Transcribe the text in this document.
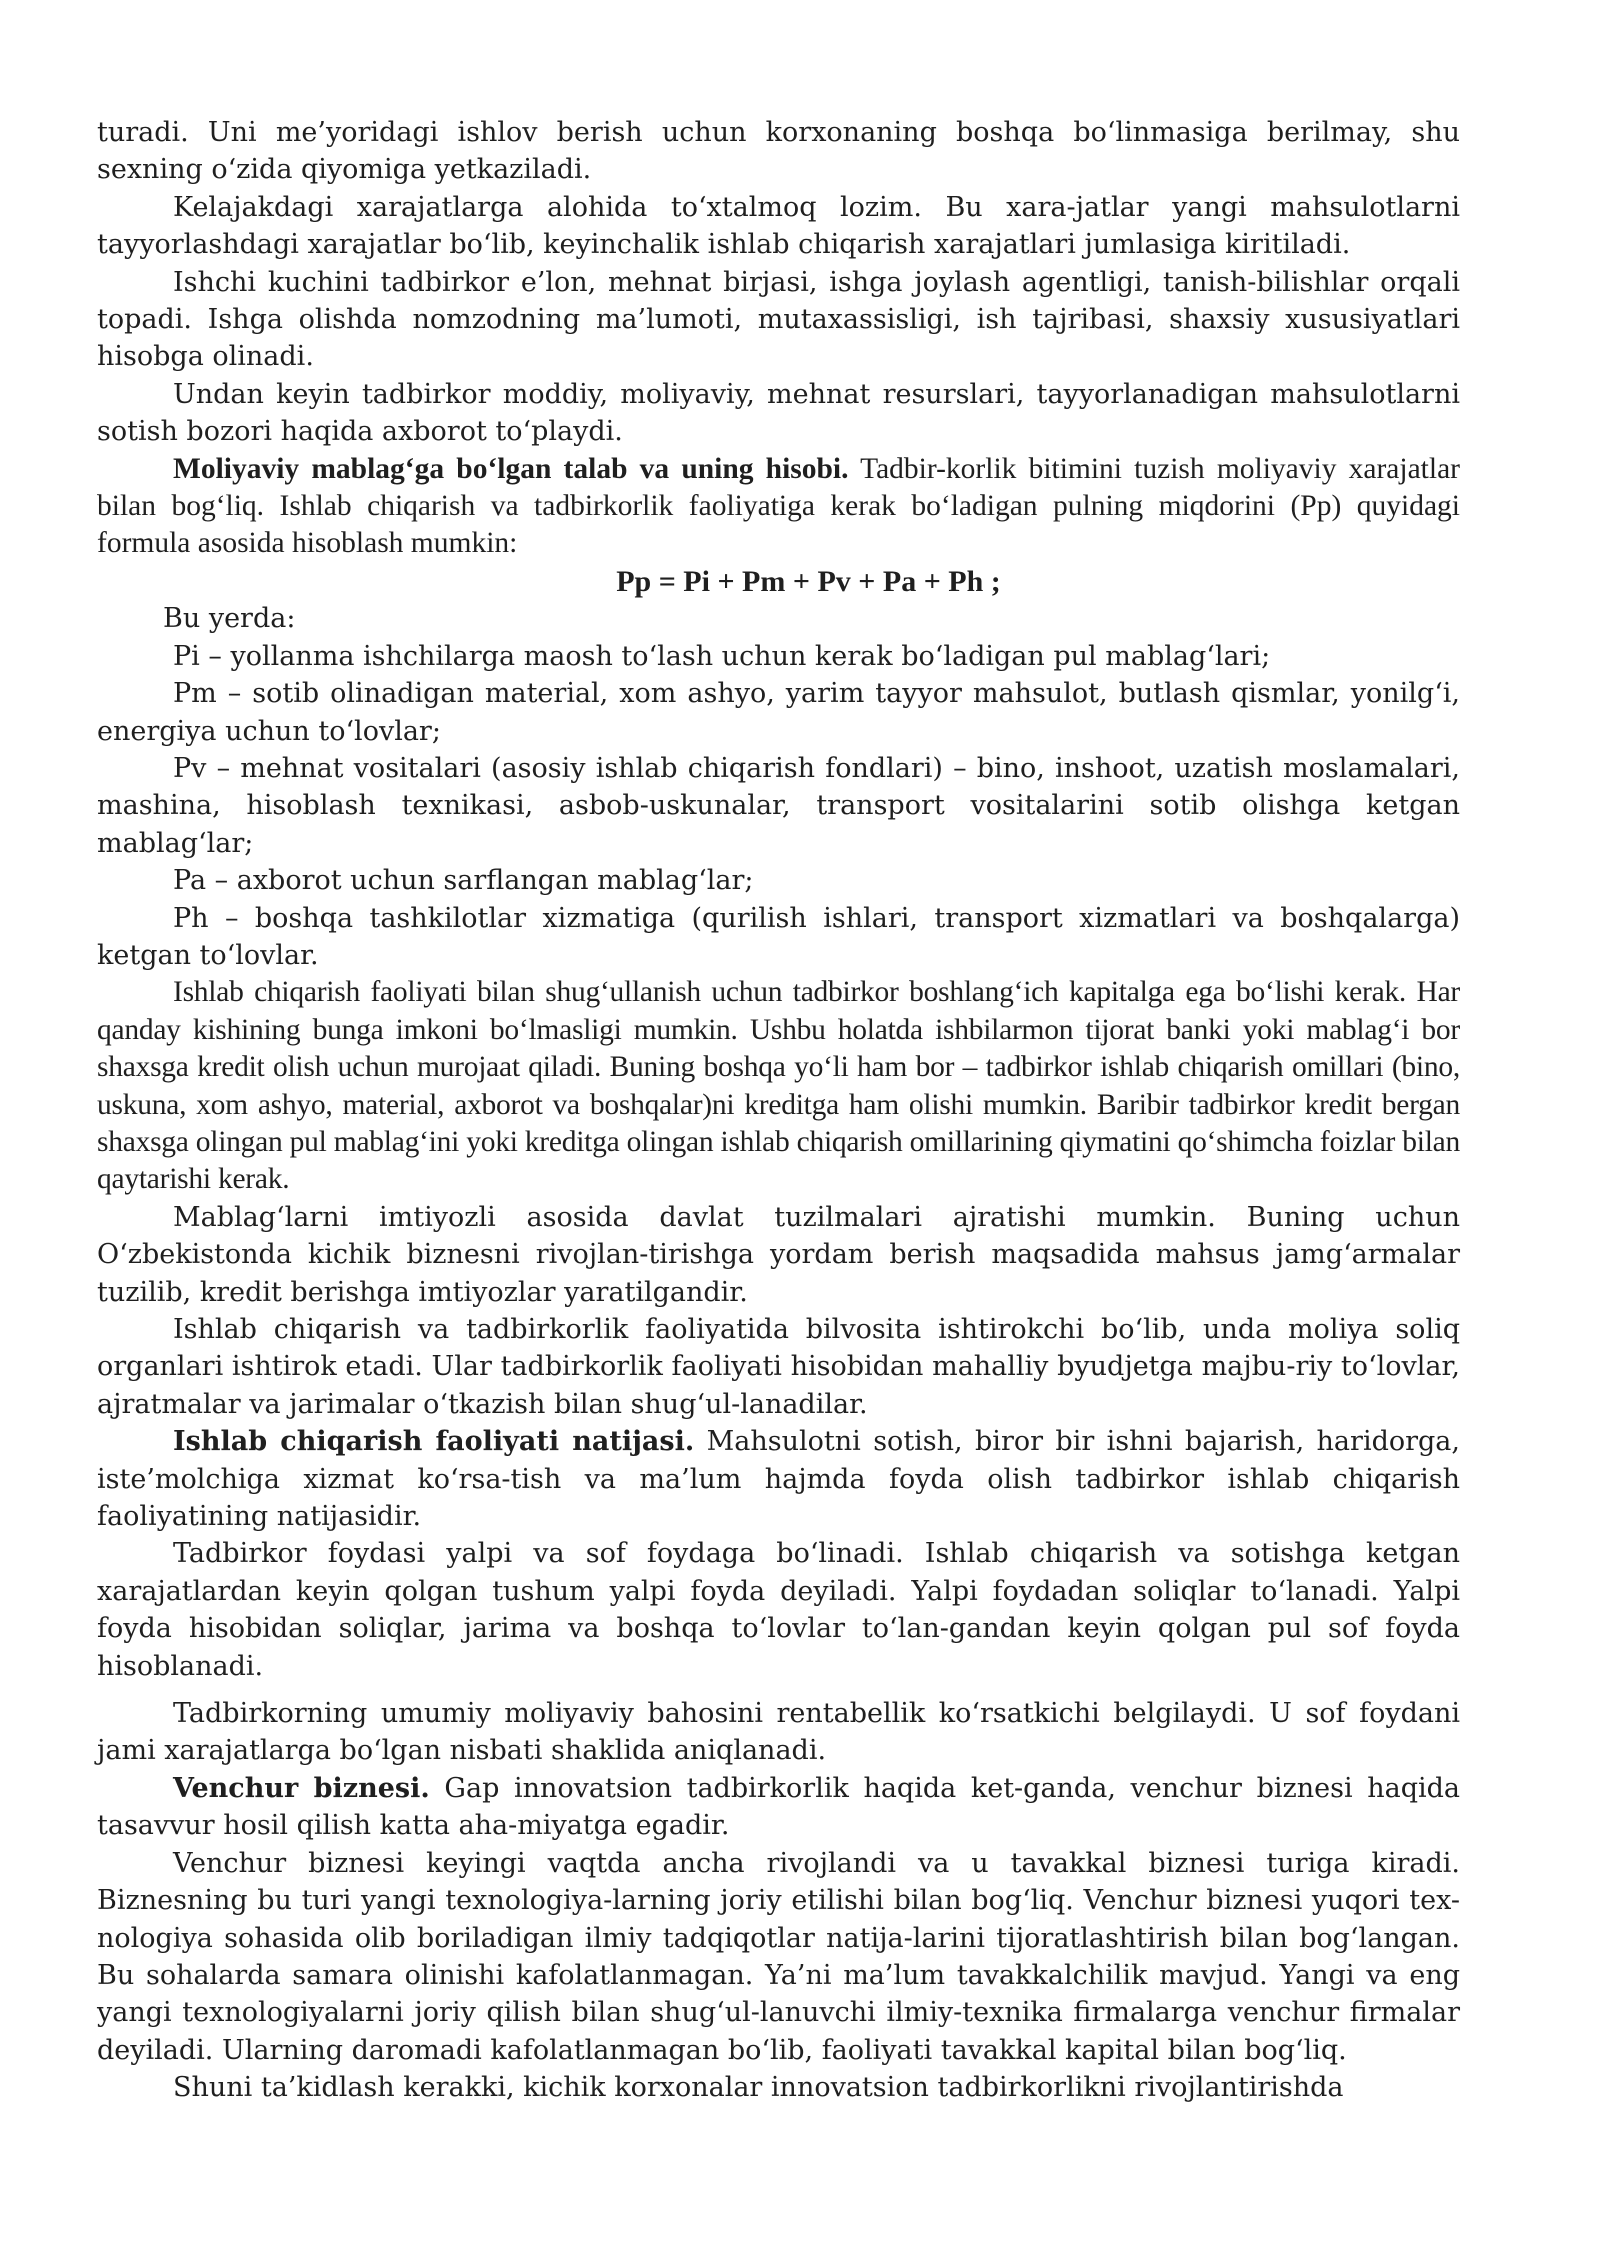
turadi. Uni me’yoridagi ishlov berish uchun korxonaning boshqa bo‘linmasiga berilmay, shu sexning o‘zida qiyomiga yetkaziladi.

Kelajakdagi xarajatlarga alohida to‘xtalmoq lozim. Bu xara-jatlar yangi mahsulotlarni tayyorlashdagi xarajatlar bo‘lib, keyinchalik ishlab chiqarish xarajatlari jumlasiga kiritiladi.

Ishchi kuchini tadbirkor e’lon, mehnat birjasi, ishga joylash agentligi, tanish-bilishlar orqali topadi. Ishga olishda nomzodning ma’lumoti, mutaxassisligi, ish tajribasi, shaxsiy xususiyatlari hisobga olinadi.

Undan keyin tadbirkor moddiy, moliyaviy, mehnat resurslari, tayyorlanadigan mahsulotlarni sotish bozori haqida axborot to‘playdi.

Moliyaviy mablag‘ga bo‘lgan talab va uning hisobi. Tadbir-korlik bitimini tuzish moliyaviy xarajatlar bilan bog‘liq. Ishlab chiqarish va tadbirkorlik faoliyatiga kerak bo‘ladigan pulning miqdorini (Pp) quyidagi formula asosida hisoblash mumkin:

Pp = Pi + Pm + Pv + Pa + Ph ;

Bu yerda:

Pi – yollanma ishchilarga maosh to‘lash uchun kerak bo‘ladigan pul mablag‘lari;

Pm – sotib olinadigan material, xom ashyo, yarim tayyor mahsulot, butlash qismlar, yonilg‘i, energiya uchun to‘lovlar;

Pv – mehnat vositalari (asosiy ishlab chiqarish fondlari) – bino, inshoot, uzatish moslamalari, mashina, hisoblash texnikasi, asbob-uskunalar, transport vositalarini sotib olishga ketgan mablag‘lar;

Pa – axborot uchun sarflangan mablag‘lar;

Ph – boshqa tashkilotlar xizmatiga (qurilish ishlari, transport xizmatlari va boshqalarga) ketgan to‘lovlar.

Ishlab chiqarish faoliyati bilan shug‘ullanish uchun tadbirkor boshlang‘ich kapitalga ega bo‘lishi kerak. Har qanday kishining bunga imkoni bo‘lmasligi mumkin. Ushbu holatda ishbilarmon tijorat banki yoki mablag‘i bor shaxsga kredit olish uchun murojaat qiladi. Buning boshqa yo‘li ham bor – tadbirkor ishlab chiqarish omillari (bino, uskuna, xom ashyo, material, axborot va boshqalar)ni kreditga ham olishi mumkin. Baribir tadbirkor kredit bergan shaxsga olingan pul mablag‘ini yoki kreditga olingan ishlab chiqarish omillarining qiymatini qo‘shimcha foizlar bilan qaytarishi kerak.

Mablag‘larni imtiyozli asosida davlat tuzilmalari ajratishi mumkin. Buning uchun O‘zbekistonda kichik biznesni rivojlan-tirishga yordam berish maqsadida mahsus jamg‘armalar tuzilib, kredit berishga imtiyozlar yaratilgandir.

Ishlab chiqarish va tadbirkorlik faoliyatida bilvosita ishtirokchi bo‘lib, unda moliya soliq organlari ishtirok etadi. Ular tadbirkorlik faoliyati hisobidan mahalliy byudjetga majbu-riy to‘lovlar, ajratmalar va jarimalar o‘tkazish bilan shug‘ul-lanadilar.

Ishlab chiqarish faoliyati natijasi. Mahsulotni sotish, biror bir ishni bajarish, haridorga, iste’molchiga xizmat ko‘rsa-tish va ma’lum hajmda foyda olish tadbirkor ishlab chiqarish faoliyatining natijasidir.

Tadbirkor foydasi yalpi va sof foydaga bo‘linadi. Ishlab chiqarish va sotishga ketgan xarajatlardan keyin qolgan tushum yalpi foyda deyiladi. Yalpi foydadan soliqlar to‘lanadi. Yalpi foyda hisobidan soliqlar, jarima va boshqa to‘lovlar to‘lan-gandan keyin qolgan pul sof foyda hisoblanadi.

Tadbirkorning umumiy moliyaviy bahosini rentabellik ko‘rsatkichi belgilaydi. U sof foydani jami xarajatlarga bo‘lgan nisbati shaklida aniqlanadi.

Venchur biznesi. Gap innovatsion tadbirkorlik haqida ket-ganda, venchur biznesi haqida tasavvur hosil qilish katta aha-miyatga egadir.

Venchur biznesi keyingi vaqtda ancha rivojlandi va u tavakkal biznesi turiga kiradi. Biznesning bu turi yangi texnologiya-larning joriy etilishi bilan bog‘liq. Venchur biznesi yuqori tex-nologiya sohasida olib boriladigan ilmiy tadqiqotlar natija-larini tijoratlashtirish bilan bog‘langan. Bu sohalarda samara olinishi kafolatlanmagan. Ya’ni ma’lum tavakkalchilik mavjud. Yangi va eng yangi texnologiyalarni joriy qilish bilan shug‘ul-lanuvchi ilmiy-texnika firmalarga venchur firmalar deyiladi. Ularning daromadi kafolatlanmagan bo‘lib, faoliyati tavakkal kapital bilan bog‘liq.

Shuni ta’kidlash kerakki, kichik korxonalar innovatsion tadbirkorlikni rivojlantirishda
